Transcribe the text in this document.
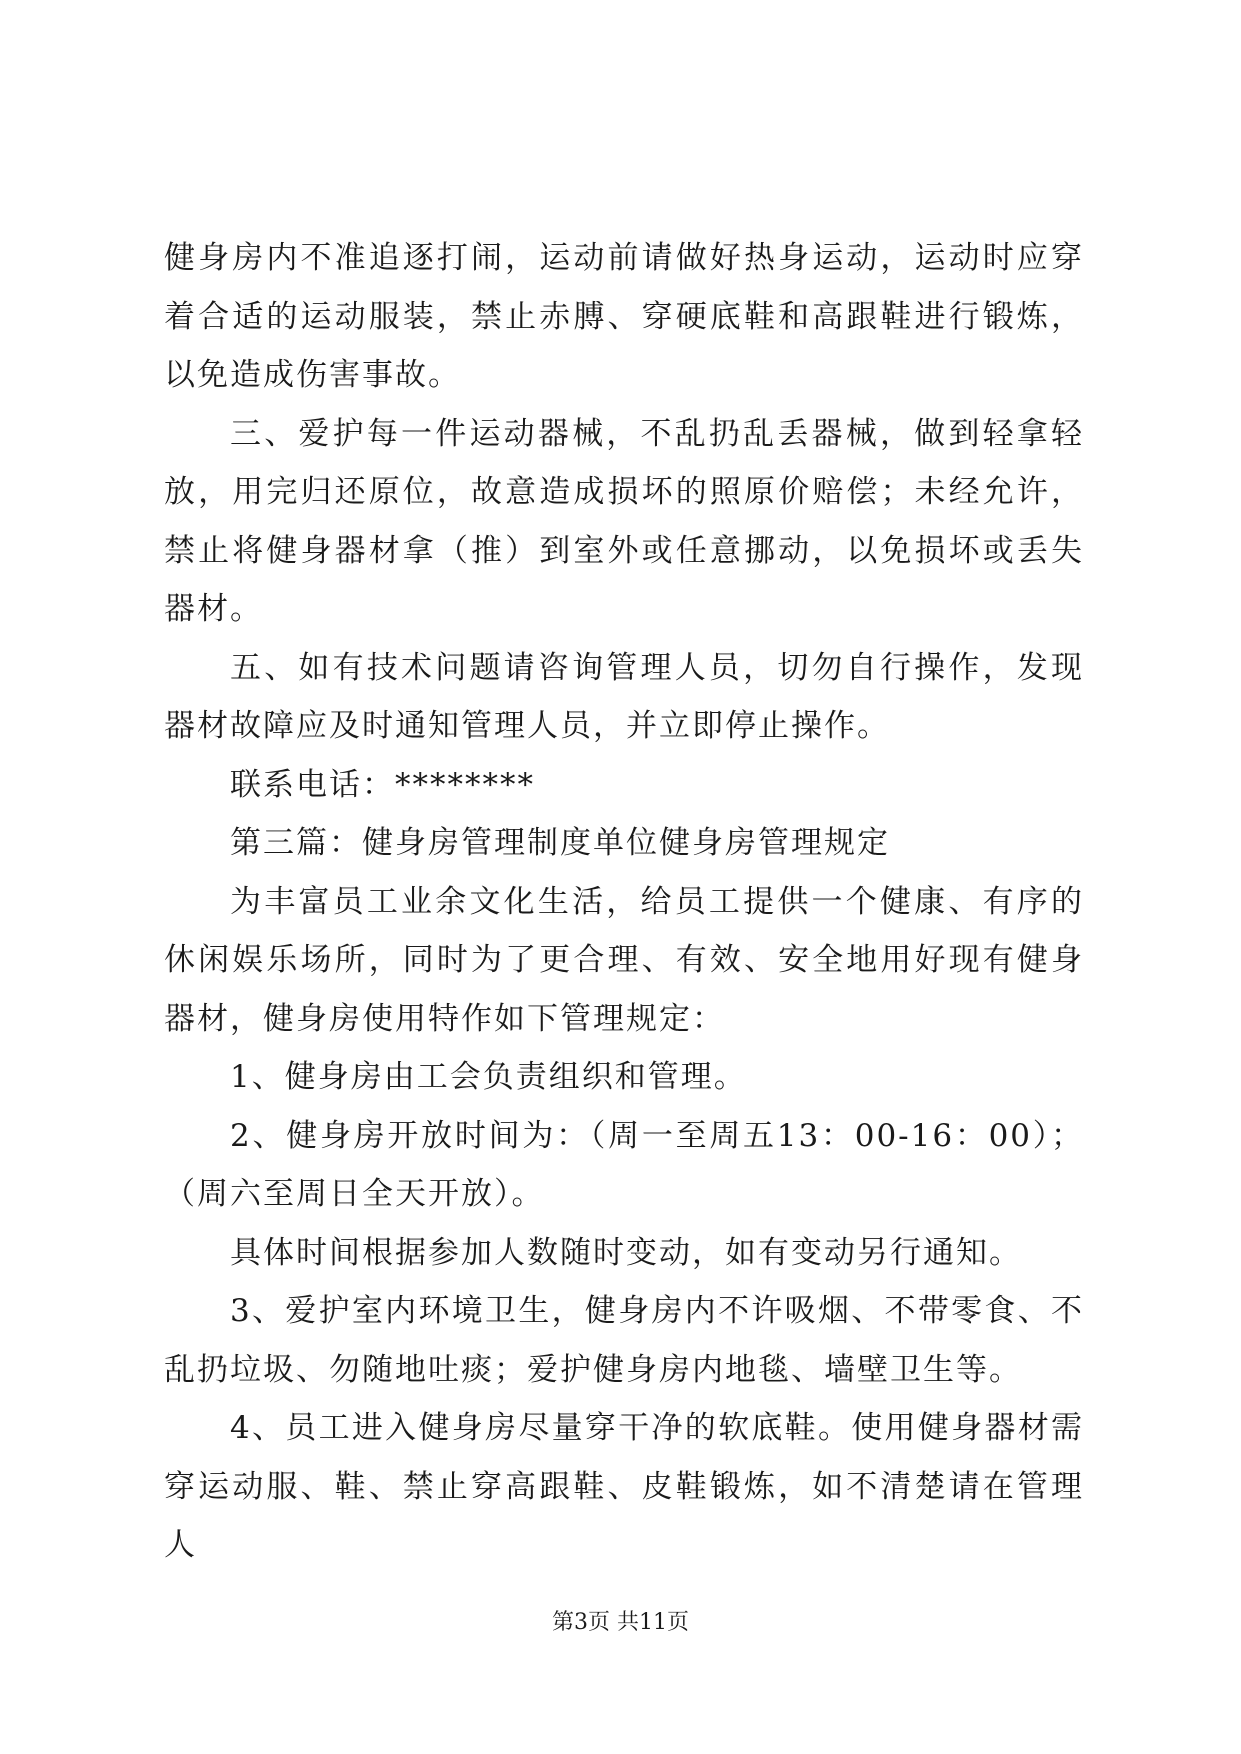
健身房内不准追逐打闹，运动前请做好热身运动，运动时应穿着合适的运动服装，禁止赤膊、穿硬底鞋和高跟鞋进行锻炼，以免造成伤害事故。

三、爱护每一件运动器械，不乱扔乱丢器械，做到轻拿轻放，用完归还原位，故意造成损坏的照原价赔偿；未经允许，禁止将健身器材拿（推）到室外或任意挪动，以免损坏或丢失器材。

五、如有技术问题请咨询管理人员，切勿自行操作，发现器材故障应及时通知管理人员，并立即停止操作。

联系电话：********

第三篇：健身房管理制度单位健身房管理规定

为丰富员工业余文化生活，给员工提供一个健康、有序的休闲娱乐场所，同时为了更合理、有效、安全地用好现有健身器材，健身房使用特作如下管理规定：

1、健身房由工会负责组织和管理。

2、健身房开放时间为：（周一至周五13：00-16：00）；（周六至周日全天开放）。

具体时间根据参加人数随时变动，如有变动另行通知。

3、爱护室内环境卫生，健身房内不许吸烟、不带零食、不乱扔垃圾、勿随地吐痰；爱护健身房内地毯、墙壁卫生等。

4、员工进入健身房尽量穿干净的软底鞋。使用健身器材需穿运动服、鞋、禁止穿高跟鞋、皮鞋锻炼，如不清楚请在管理人

第3页 共11页
